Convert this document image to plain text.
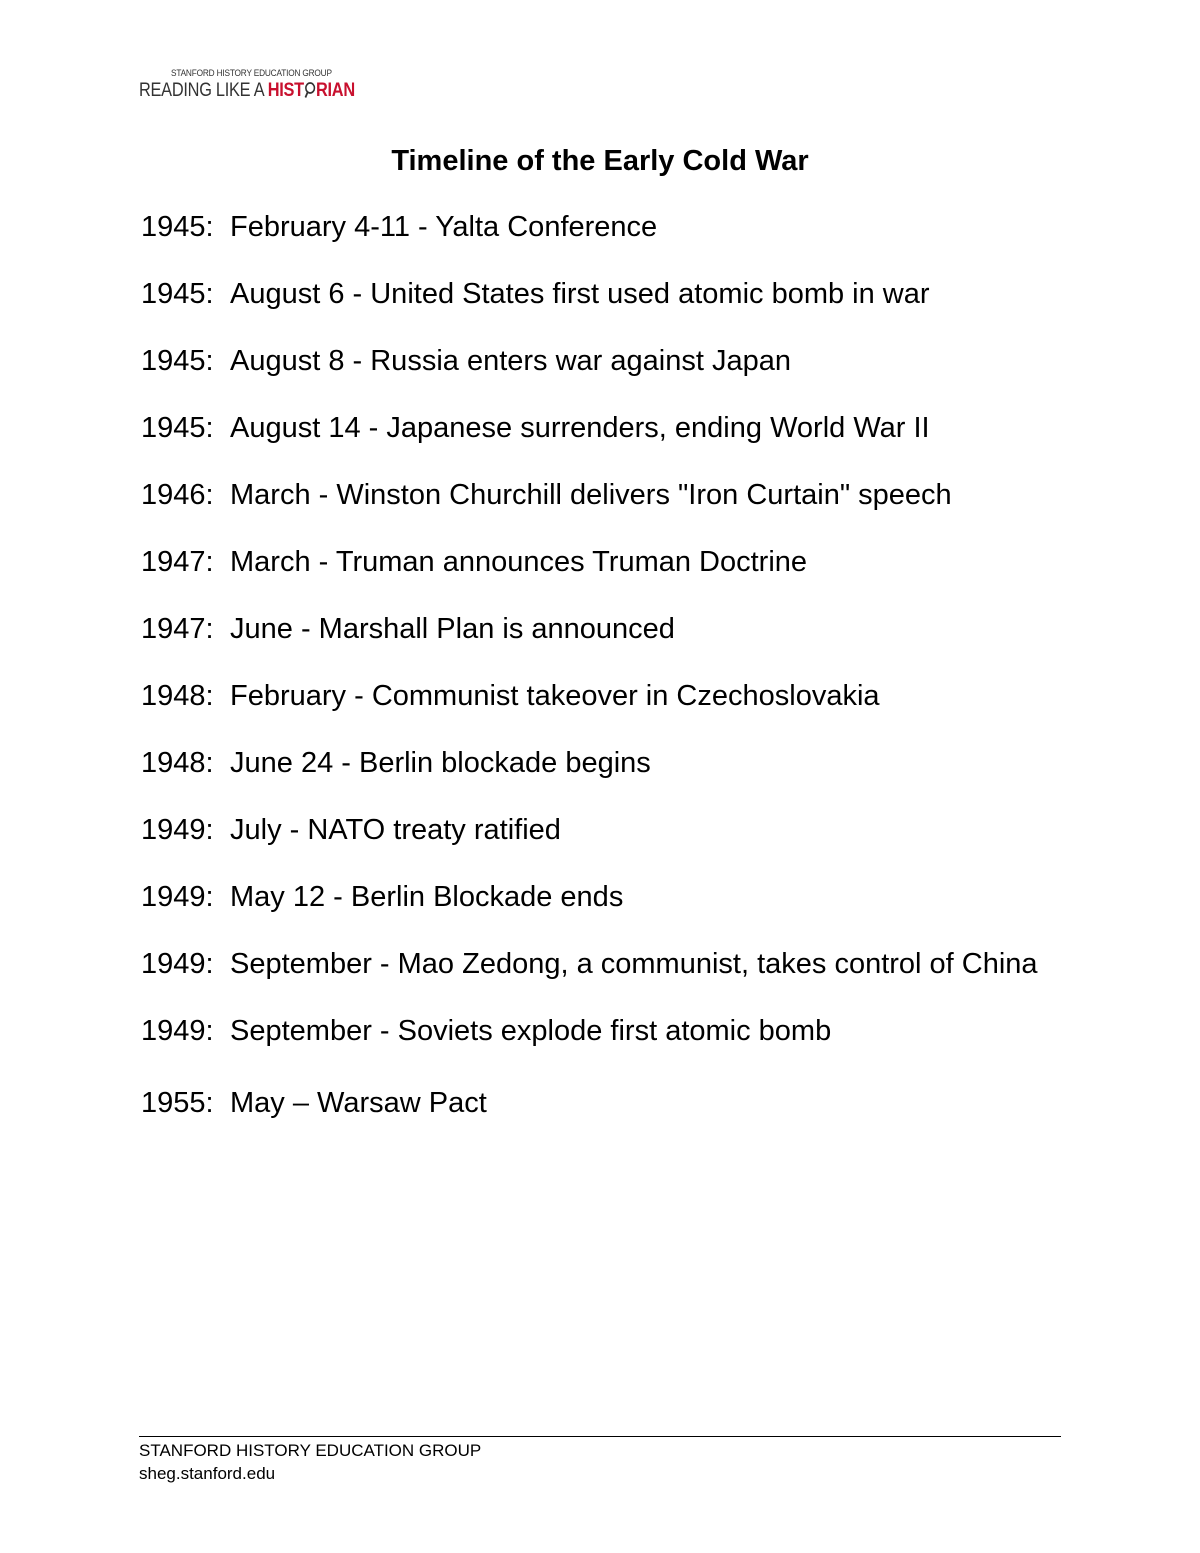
STANFORD HISTORY EDUCATION GROUP
READING LIKE A HIST RIAN
Timeline of the Early Cold War
1945: February 4-11 - Yalta Conference
1945: August 6 - United States first used atomic bomb in war
1945: August 8 - Russia enters war against Japan
1945: August 14 - Japanese surrenders, ending World War II
1946: March - Winston Churchill delivers "Iron Curtain" speech
1947: March - Truman announces Truman Doctrine
1947: June - Marshall Plan is announced
1948: February - Communist takeover in Czechoslovakia
1948: June 24 - Berlin blockade begins
1949: July - NATO treaty ratified
1949: May 12 - Berlin Blockade ends
1949: September - Mao Zedong, a communist, takes control of China
1949: September - Soviets explode first atomic bomb
1955: May – Warsaw Pact
STANFORD HISTORY EDUCATION GROUP
sheg.stanford.edu
